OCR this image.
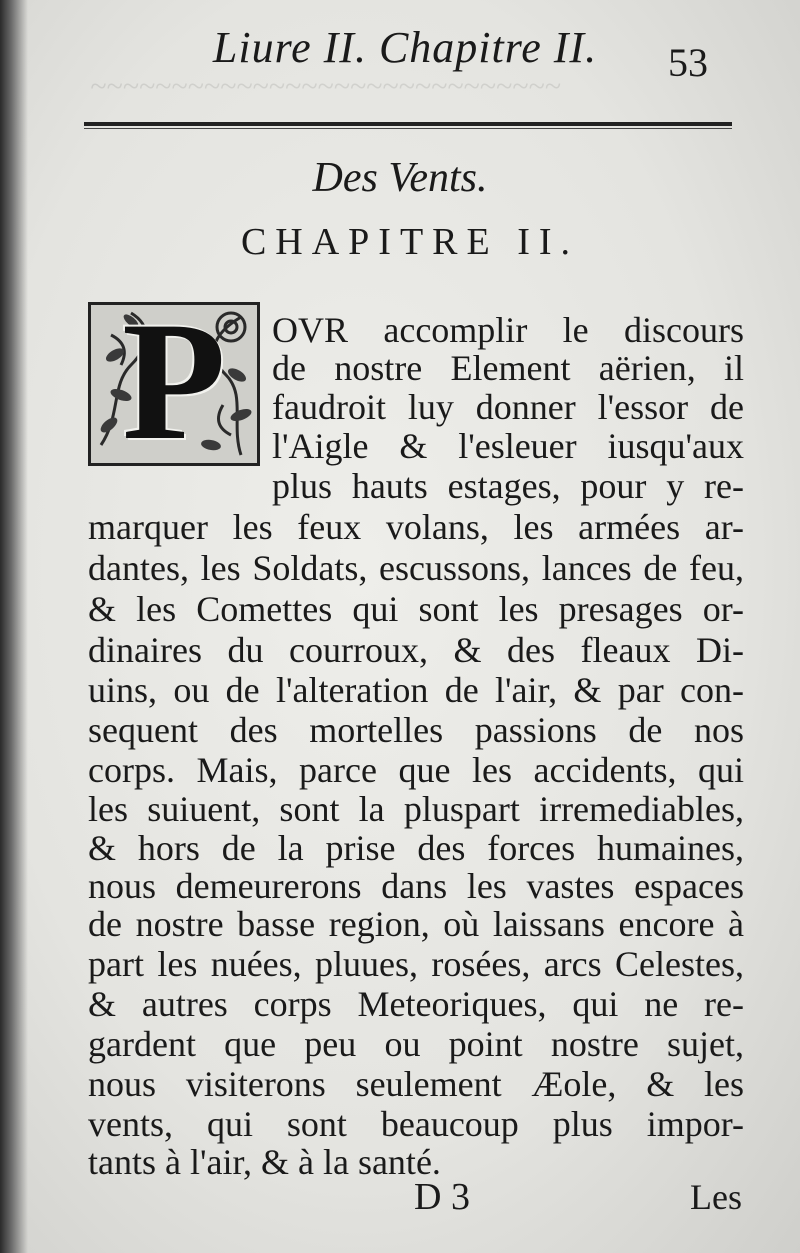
~~~~~~~~~~~~~~~~~~~~~~~~~~~~~
Liure II. Chapitre II.	53
Des Vents.
CHAPITRE II.
P	OVR accomplir le discours
de nostre Element aërien, il
faudroit luy donner l'essor de
l'Aigle & l'esleuer iusqu'aux
plus hauts estages, pour y re-
marquer les feux volans, les armées ar-
dantes, les Soldats, escussons, lances de feu,
& les Comettes qui sont les presages or-
dinaires du courroux, & des fleaux Di-
uins, ou de l'alteration de l'air, & par con-
sequent des mortelles passions de nos
corps. Mais, parce que les accidents, qui
les suiuent, sont la pluspart irremediables,
& hors de la prise des forces humaines,
nous demeurerons dans les vastes espaces
de nostre basse region, où laissans encore à
part les nuées, pluues, rosées, arcs Celestes,
& autres corps Meteoriques, qui ne re-
gardent que peu ou point nostre sujet,
nous visiterons seulement Æole, & les
vents, qui sont beaucoup plus impor-
tants à l'air, & à la santé.
D 3	Les
